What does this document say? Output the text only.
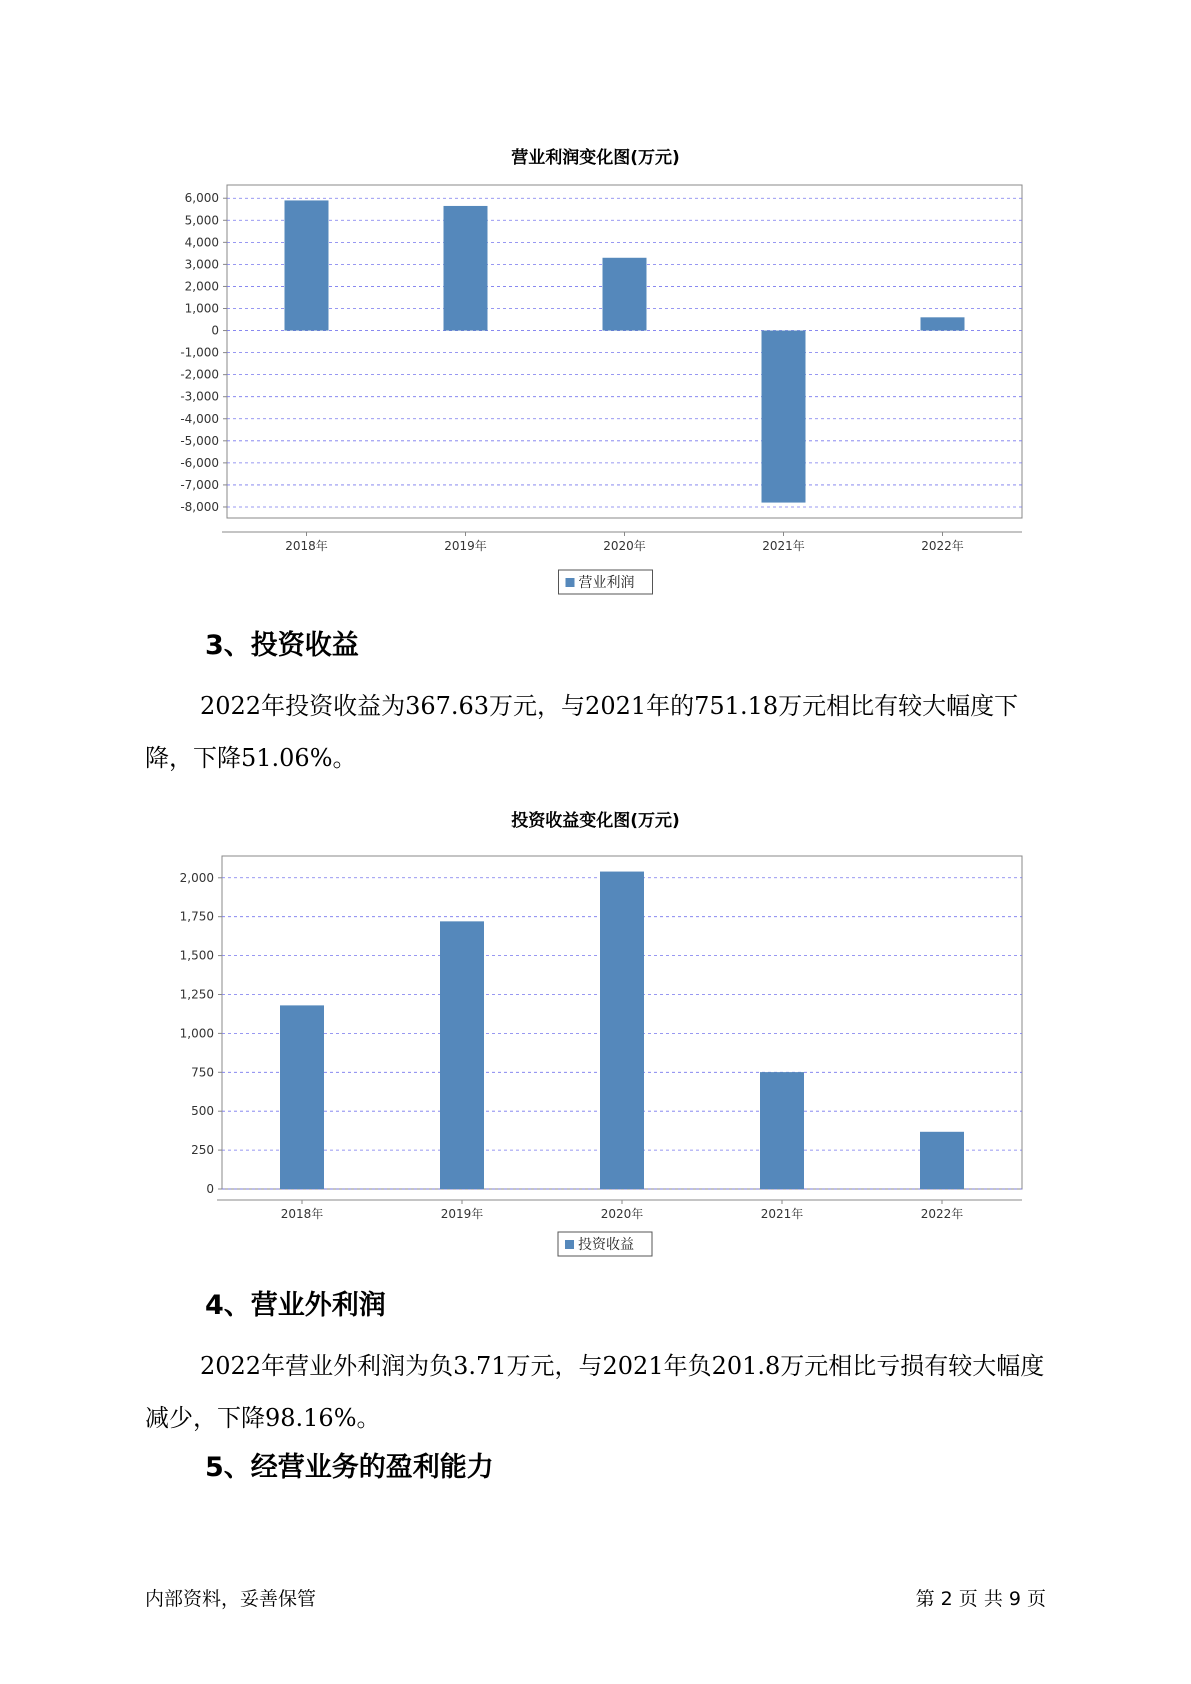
营业利润变化图(万元)
6,000
5,000
4,000
3,000
2,000
1,000
0
-1,000
-2,000
-3,000
-4,000
-5,000
-6,000
-7,000
-8,000
2018年	2019年	2020年	2021年	2022年
营业利润
3、投资收益

2022年投资收益为367.63万元，与2021年的751.18万元相比有较大幅度下降，下降51.06%。

投资收益变化图(万元)
2,000
1,750
1,500
1,250
1,000
750
500
250
0
2018年	2019年	2020年	2021年	2022年
投资收益
4、营业外利润

2022年营业外利润为负3.71万元，与2021年负201.8万元相比亏损有较大幅度减少，下降98.16%。

5、经营业务的盈利能力
内部资料，妥善保管	第 2 页 共 9 页
